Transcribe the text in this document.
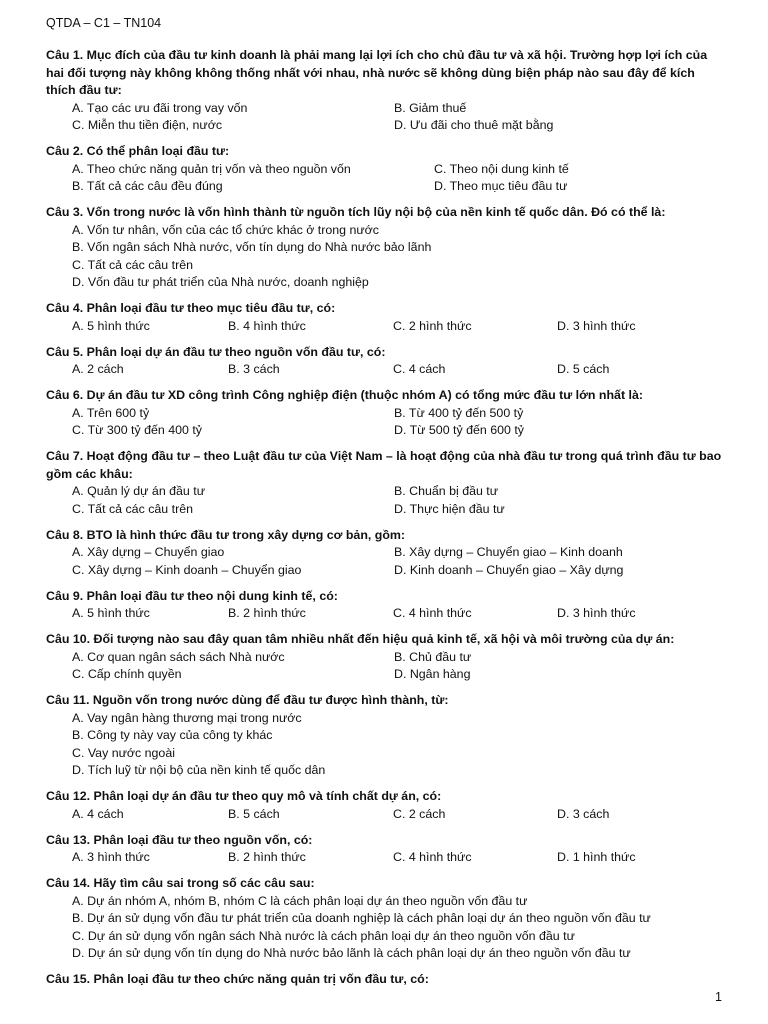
QTDA – C1 – TN104
Câu 1. Mục đích của đầu tư kinh doanh là phải mang lại lợi ích cho chủ đầu tư và xã hội. Trường hợp lợi ích của hai đối tượng này không không thống nhất với nhau, nhà nước sẽ không dùng biện pháp nào sau đây để kích thích đầu tư:
A. Tạo các ưu đãi trong vay vốn	B. Giảm thuế
C. Miễn thu tiền điện, nước	D. Ưu đãi cho thuê mặt bằng
Câu 2. Có thể phân loại đầu tư:
A. Theo chức năng quản trị vốn và theo nguồn vốn	C. Theo nội dung kinh tế
B. Tất cả các câu đều đúng	D. Theo mục tiêu đầu tư
Câu 3. Vốn trong nước là vốn hình thành từ nguồn tích lũy nội bộ của nền kinh tế quốc dân. Đó có thể là:
A. Vốn tư nhân, vốn của các tổ chức khác ở trong nước
B. Vốn ngân sách Nhà nước, vốn tín dụng do Nhà nước bảo lãnh
C. Tất cả các câu trên
D. Vốn đầu tư phát triển của Nhà nước, doanh nghiệp
Câu 4. Phân loại đầu tư theo mục tiêu đầu tư, có:
A. 5 hình thức	B. 4 hình thức	C. 2 hình thức	D. 3 hình thức
Câu 5. Phân loại dự án đầu tư theo nguồn vốn đầu tư, có:
A. 2 cách	B. 3 cách	C. 4 cách	D. 5 cách
Câu 6. Dự án đầu tư XD công trình Công nghiệp điện (thuộc nhóm A) có tổng mức đầu tư lớn nhất là:
A. Trên 600 tỷ	B. Từ 400 tỷ đến 500 tỷ
C. Từ 300 tỷ đến 400 tỷ	D. Từ 500 tỷ đến 600 tỷ
Câu 7. Hoạt động đầu tư – theo Luật đầu tư của Việt Nam – là hoạt động của nhà đầu tư trong quá trình đầu tư bao gồm các khâu:
A. Quản lý dự án đầu tư	B. Chuẩn bị đầu tư
C. Tất cả các câu trên	D. Thực hiện đầu tư
Câu 8. BTO là hình thức đầu tư trong xây dựng cơ bản, gồm:
A. Xây dựng – Chuyển giao	B. Xây dựng – Chuyển giao – Kinh doanh
C. Xây dựng – Kinh doanh – Chuyển giao	D. Kinh doanh – Chuyển giao – Xây dựng
Câu 9. Phân loại đầu tư theo nội dung kinh tế, có:
A. 5 hình thức	B. 2 hình thức	C. 4 hình thức	D. 3 hình thức
Câu 10. Đối tượng nào sau đây quan tâm nhiều nhất đến hiệu quả kinh tế, xã hội và môi trường của dự án:
A. Cơ quan ngân sách sách Nhà nước	B. Chủ đầu tư
C. Cấp chính quyền	D. Ngân hàng
Câu 11. Nguồn vốn trong nước dùng để đầu tư được hình thành, từ:
A. Vay ngân hàng thương mại trong nước
B. Công ty này vay của công ty khác
C. Vay nước ngoài
D. Tích luỹ từ nội bộ của nền kinh tế quốc dân
Câu 12. Phân loại dự án đầu tư theo quy mô và tính chất dự án, có:
A. 4 cách	B. 5 cách	C. 2 cách	D. 3 cách
Câu 13. Phân loại đầu tư theo nguồn vốn, có:
A. 3 hình thức	B. 2 hình thức	C. 4 hình thức	D. 1 hình thức
Câu 14. Hãy tìm câu sai trong số các câu sau:
A. Dự án nhóm A, nhóm B, nhóm C là cách phân loại dự án theo nguồn vốn đầu tư
B. Dự án sử dụng vốn đầu tư phát triển của doanh nghiệp là cách phân loại dự án theo nguồn vốn đầu tư
C. Dự án sử dụng vốn ngân sách Nhà nước là cách phân loại dự án theo nguồn vốn đầu tư
D. Dự án sử dụng vốn tín dụng do Nhà nước bảo lãnh là cách phân loại dự án theo nguồn vốn đầu tư
Câu 15. Phân loại đầu tư theo chức năng quản trị vốn đầu tư, có:
1
